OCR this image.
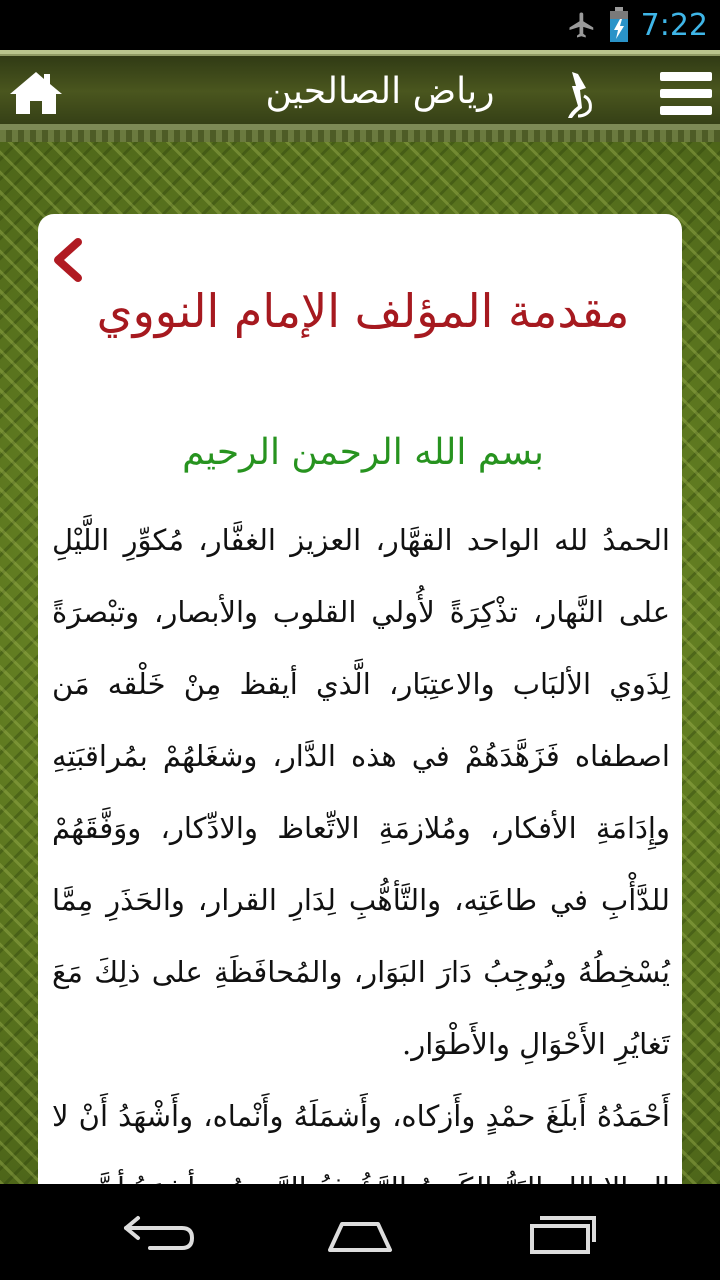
7:22
رياض الصالحين
مقدمة المؤلف الإمام النووي
بسم الله الرحمن الرحيم

الحمدُ لله الواحد القهَّار، العزيز الغفَّار، مُكوِّرِ اللَّيْلِ على النَّهار، تذْكِرَةً لأُولي القلوب والأبصار، وتبْصرَةً لِذَوي الألبَاب والاعتِبَار، الَّذي أيقظ مِنْ خَلْقه مَن اصطفاه فَزَهَّدَهُمْ في هذه الدَّار، وشغَلهُمْ بمُراقبَتِهِ وإِدَامَةِ الأفكار، ومُلازمَةِ الاتِّعاظ والادِّكار، ووَفَّقَهُمْ للدَّأْبِ في طاعَتِه، والتَّأهُّبِ لِدَارِ القرار، والحَذَرِ مِمَّا يُسْخِطُهُ ويُوجِبُ دَارَ البَوَار، والمُحافَظَةِ على ذلِكَ مَعَ تَغايُرِ الأَحْوَالِ والأَطْوَار.

أَحْمَدُهُ أَبلَغَ حمْدٍ وأَزكاه، وأَشمَلَهُ وأَنْماه، وأَشْهَدُ أَنْ لا
